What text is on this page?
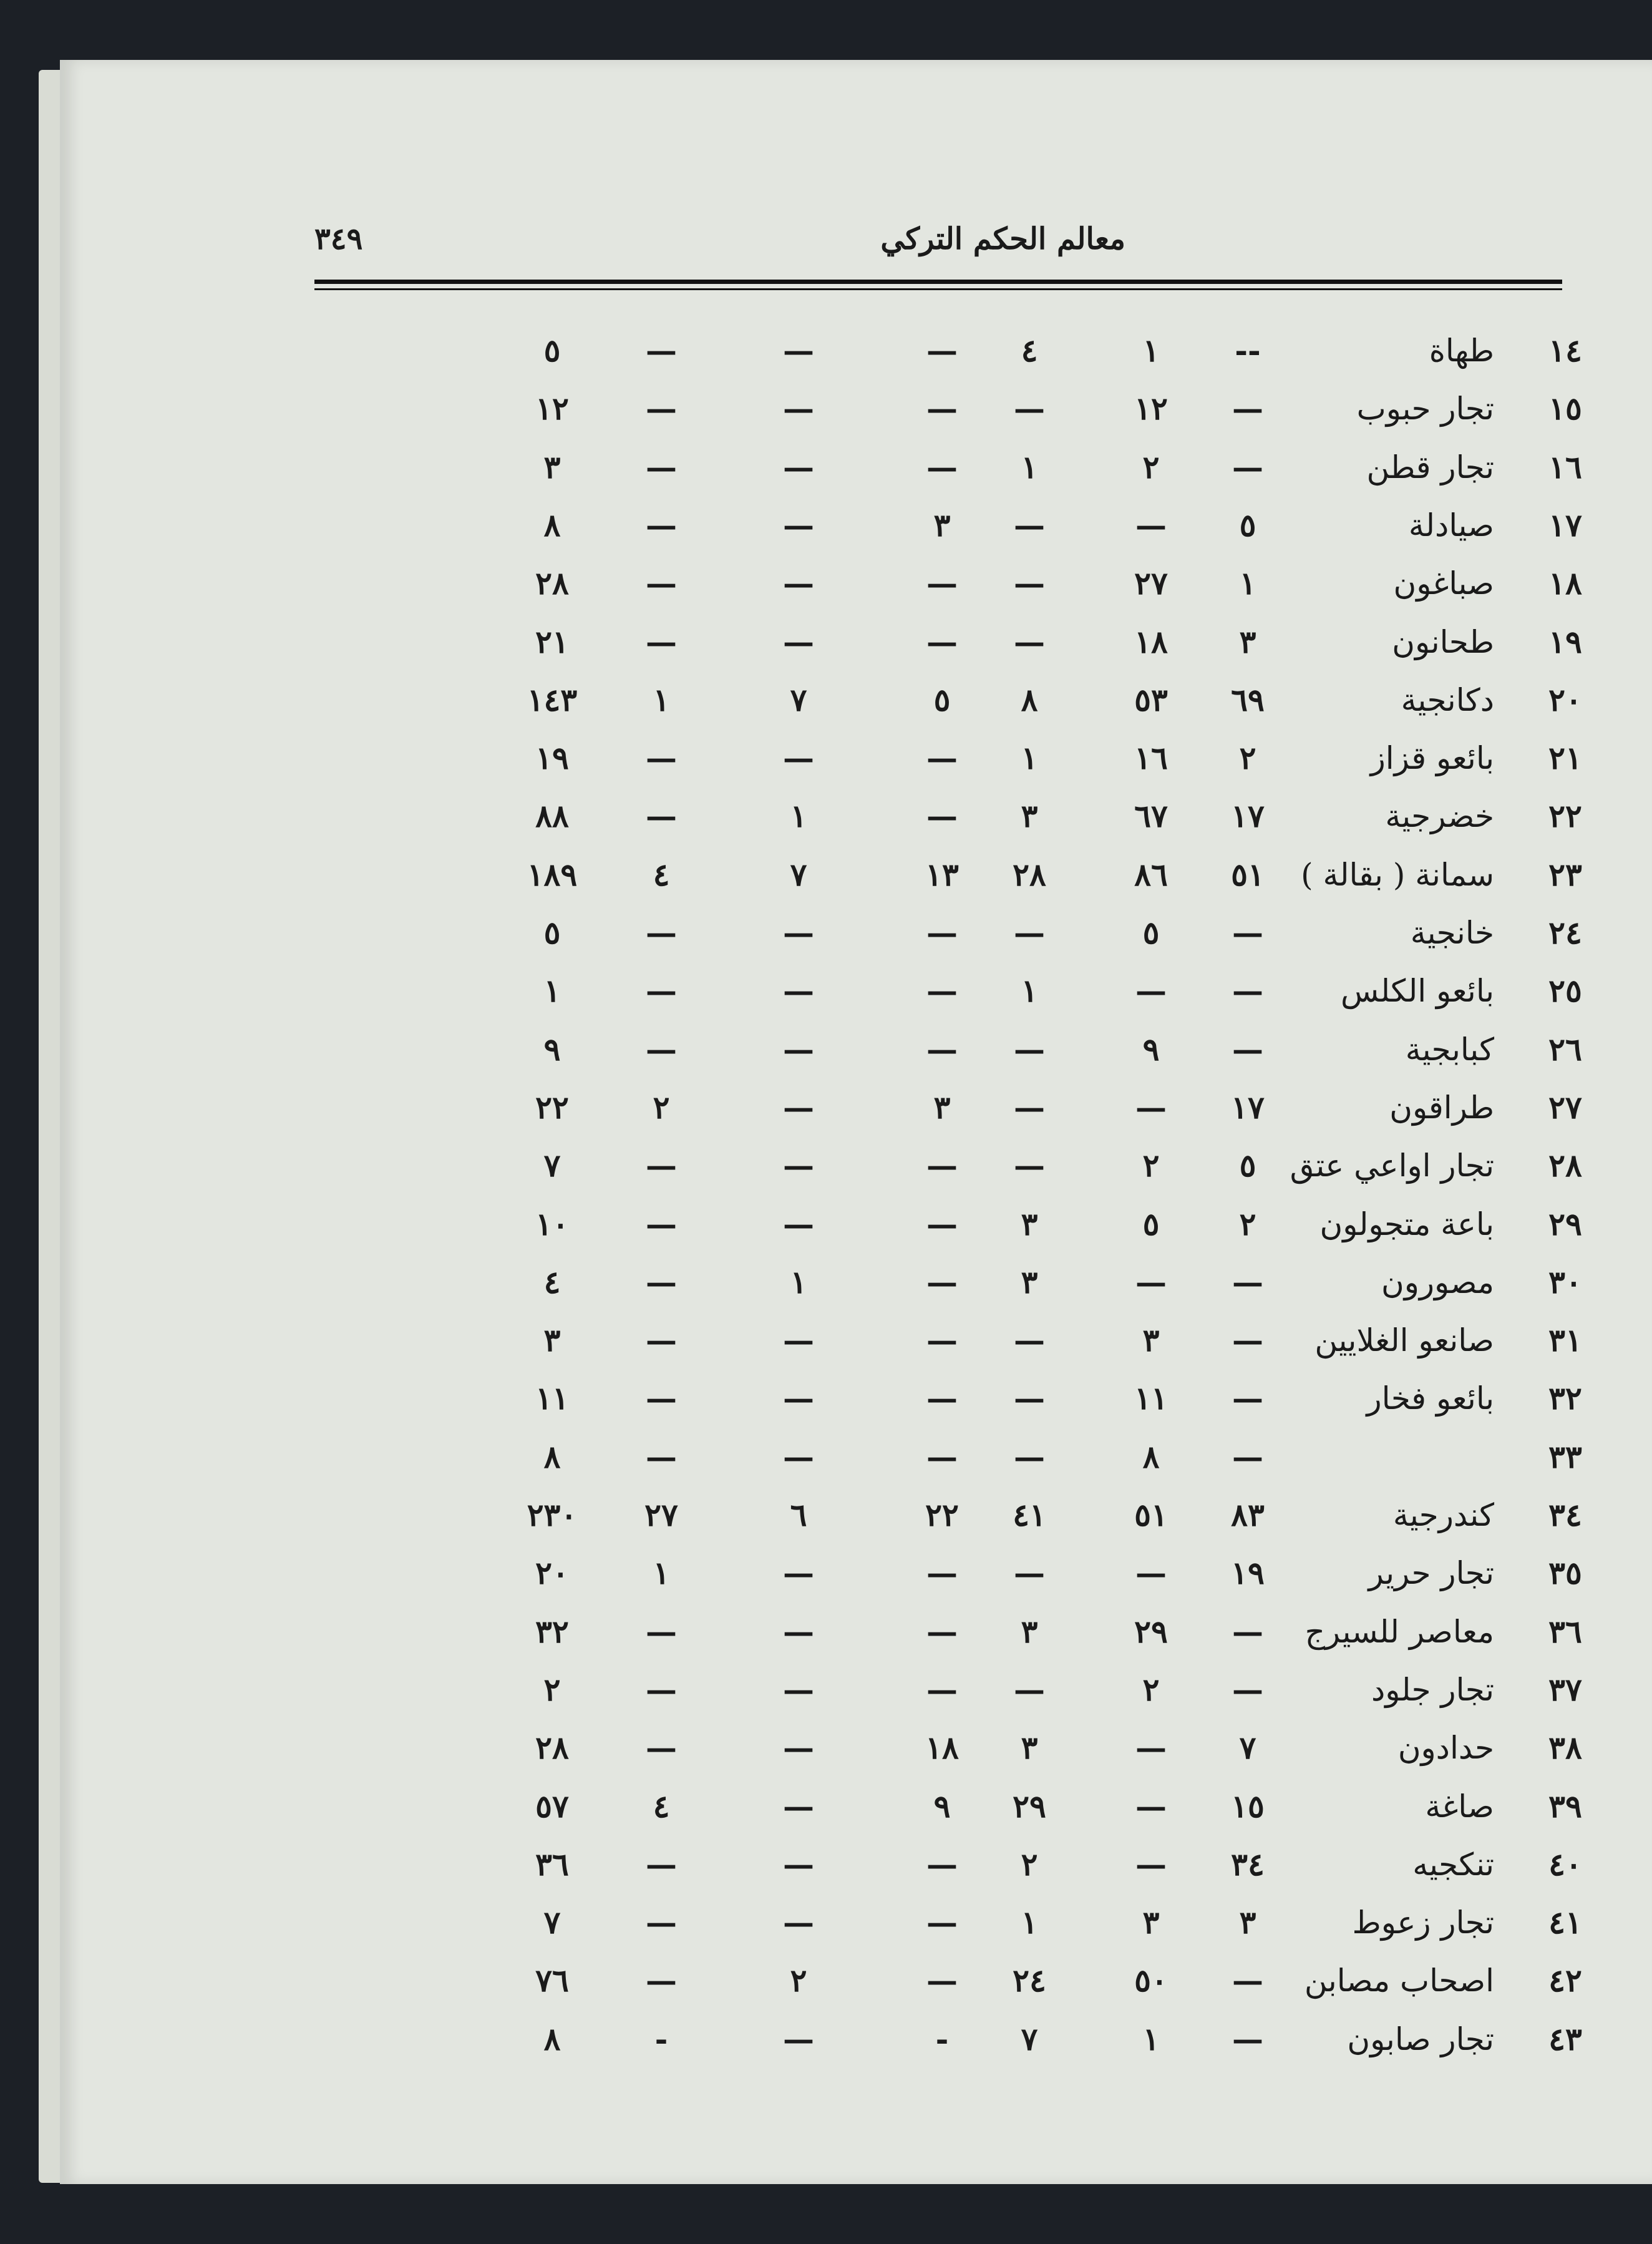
معالم الحكم التركي
٣٤٩
١٤
طهاة
--
١
٤
—
—
—
٥
١٥
تجار حبوب
—
١٢
—
—
—
—
١٢
١٦
تجار قطن
—
٢
١
—
—
—
٣
١٧
صيادلة
٥
—
—
٣
—
—
٨
١٨
صباغون
١
٢٧
—
—
—
—
٢٨
١٩
طحانون
٣
١٨
—
—
—
—
٢١
٢٠
دكانجية
٦٩
٥٣
٨
٥
٧
١
١٤٣
٢١
بائعو قزاز
٢
١٦
١
—
—
—
١٩
٢٢
خضرجية
١٧
٦٧
٣
—
١
—
٨٨
٢٣
سمانة ( بقالة )
٥١
٨٦
٢٨
١٣
٧
٤
١٨٩
٢٤
خانجية
—
٥
—
—
—
—
٥
٢٥
بائعو الكلس
—
—
١
—
—
—
١
٢٦
كبابجية
—
٩
—
—
—
—
٩
٢٧
طراقون
١٧
—
—
٣
—
٢
٢٢
٢٨
تجار اواعي عتق
٥
٢
—
—
—
—
٧
٢٩
باعة متجولون
٢
٥
٣
—
—
—
١٠
٣٠
مصورون
—
—
٣
—
١
—
٤
٣١
صانعو الغلايين
—
٣
—
—
—
—
٣
٣٢
بائعو فخار
—
١١
—
—
—
—
١١
٣٣
—
٨
—
—
—
—
٨
٣٤
كندرجية
٨٣
٥١
٤١
٢٢
٦
٢٧
٢٣٠
٣٥
تجار حرير
١٩
—
—
—
—
١
٢٠
٣٦
معاصر للسيرج
—
٢٩
٣
—
—
—
٣٢
٣٧
تجار جلود
—
٢
—
—
—
—
٢
٣٨
حدادون
٧
—
٣
١٨
—
—
٢٨
٣٩
صاغة
١٥
—
٢٩
٩
—
٤
٥٧
٤٠
تنكجيه
٣٤
—
٢
—
—
—
٣٦
٤١
تجار زعوط
٣
٣
١
—
—
—
٧
٤٢
اصحاب مصابن
—
٥٠
٢٤
—
٢
—
٧٦
٤٣
تجار صابون
—
١
٧
-
—
-
٨
